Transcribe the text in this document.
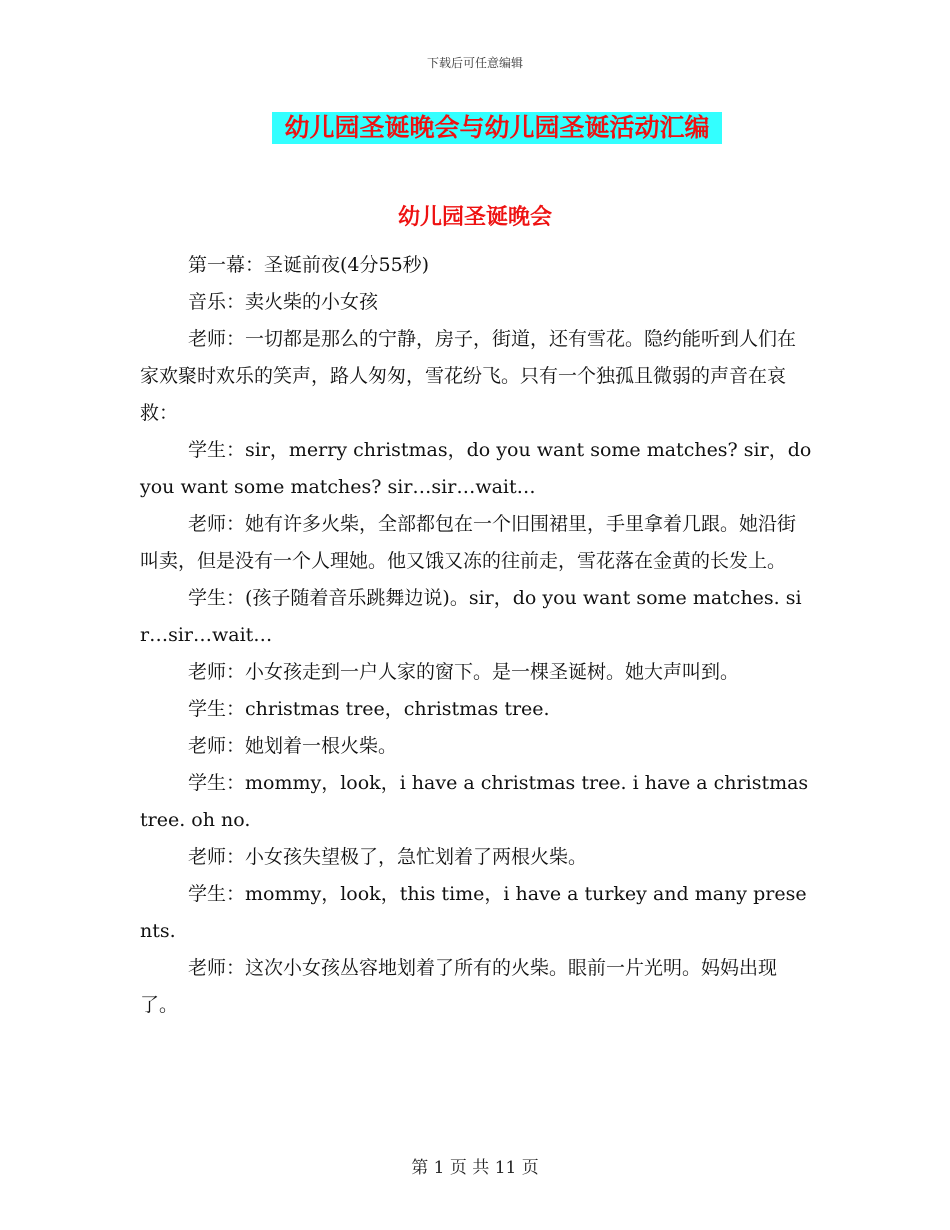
下载后可任意编辑
幼儿园圣诞晚会与幼儿园圣诞活动汇编
幼儿园圣诞晚会

第一幕：圣诞前夜(4分55秒)

音乐：卖火柴的小女孩

老师：一切都是那么的宁静，房子，街道，还有雪花。隐约能听到人们在家欢聚时欢乐的笑声，路人匆匆，雪花纷飞。只有一个独孤且微弱的声音在哀救：

学生：sir，merry christmas，do you want some matches? sir，do you want some matches? sir…sir…wait…

老师：她有许多火柴，全部都包在一个旧围裙里，手里拿着几跟。她沿街叫卖，但是没有一个人理她。他又饿又冻的往前走，雪花落在金黄的长发上。

学生：(孩子随着音乐跳舞边说)。sir，do you want some matches. sir…sir…wait…

老师：小女孩走到一户人家的窗下。是一棵圣诞树。她大声叫到。

学生：christmas tree，christmas tree.

老师：她划着一根火柴。

学生：mommy，look，i have a christmas tree. i have a christmas tree. oh no.

老师：小女孩失望极了，急忙划着了两根火柴。

学生：mommy，look，this time，i have a turkey and many presents.

老师：这次小女孩丛容地划着了所有的火柴。眼前一片光明。妈妈出现了。

第 1 页 共 11 页
